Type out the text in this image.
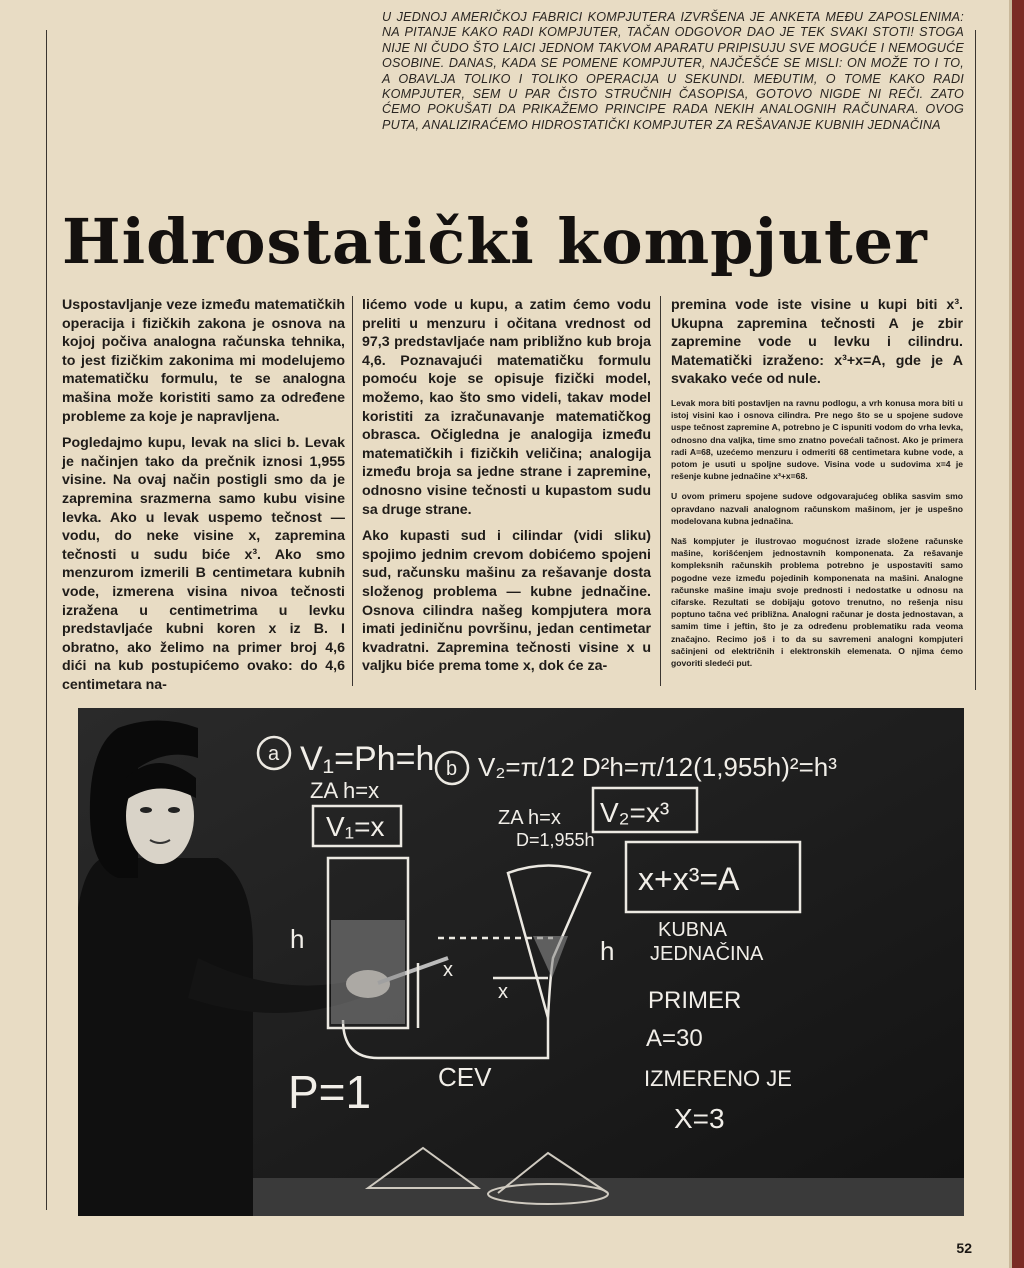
U JEDNOJ AMERIČKOJ FABRICI KOMPJUTERA IZVRŠENA JE ANKETA MEĐU ZAPOSLENIMA: NA PITANJE KAKO RADI KOMPJUTER, TAČAN ODGOVOR DAO JE TEK SVAKI STOTI! STOGA NIJE NI ČUDO ŠTO LAICI JEDNOM TAKVOM APARATU PRIPISUJU SVE MOGUĆE I NEMOGUĆE OSOBINE. DANAS, KADA SE POMENE KOMPJUTER, NAJČEŠĆE SE MISLI: ON MOŽE TO I TO, A OBAVLJA TOLIKO I TOLIKO OPERACIJA U SEKUNDI. MEĐUTIM, O TOME KAKO RADI KOMPJUTER, SEM U PAR ČISTO STRUČNIH ČASOPISA, GOTOVO NIGDE NI REČI. ZATO ĆEMO POKUŠATI DA PRIKAŽEMO PRINCIPE RADA NEKIH ANALOGNIH RAČUNARA. OVOG PUTA, ANALIZIRAĆEMO HIDROSTATIČKI KOMPJUTER ZA REŠAVANJE KUBNIH JEDNAČINA

Hidrostatički kompjuter

Uspostavljanje veze između matematičkih operacija i fizičkih zakona je osnova na kojoj počiva analogna računska tehnika, to jest fizičkim zakonima mi modelujemo matematičku formulu, te se analogna mašina može koristiti samo za određene probleme za koje je napravljena.

Pogledajmo kupu, levak na slici b. Levak je načinjen tako da prečnik iznosi 1,955 visine. Na ovaj način postigli smo da je zapremina srazmerna samo kubu visine levka. Ako u levak uspemo tečnost — vodu, do neke visine x, zapremina tečnosti u sudu biće x³. Ako smo menzurom izmerili B centimetara kubnih vode, izmerena visina nivoa tečnosti izražena u centimetrima u levku predstavljaće kubni koren x iz B. I obratno, ako želimo na primer broj 4,6 dići na kub postupićemo ovako: do 4,6 centimetara na-

lićemo vode u kupu, a zatim ćemo vodu preliti u menzuru i očitana vrednost od 97,3 predstavljaće nam približno kub broja 4,6. Poznavajući matematičku formulu pomoću koje se opisuje fizički model, možemo, kao što smo videli, takav model koristiti za izračunavanje matematičkog obrasca. Očigledna je analogija između matematičkih i fizičkih veličina; analogija između broja sa jedne strane i zapremine, odnosno visine tečnosti u kupastom sudu sa druge strane.

Ako kupasti sud i cilindar (vidi sliku) spojimo jednim crevom dobićemo spojeni sud, računsku mašinu za rešavanje dosta složenog problema — kubne jednačine. Osnova cilindra našeg kompjutera mora imati jediničnu površinu, jedan centimetar kvadratni. Zapremina tečnosti visine x u valjku biće prema tome x, dok će za-

premina vode iste visine u kupi biti x³. Ukupna zapremina tečnosti A je zbir zapremine vode u levku i cilindru. Matematički izraženo: x³+x=A, gde je A svakako veće od nule.

Levak mora biti postavljen na ravnu podlogu, a vrh konusa mora biti u istoj visini kao i osnova cilindra. Pre nego što se u spojene sudove uspe tečnost zapremine A, potrebno je C ispuniti vodom do vrha levka, odnosno dna valjka, time smo znatno povećali tačnost. Ako je primera radi A=68, uzećemo menzuru i odmeriti 68 centimetara kubne vode, a potom je usuti u spoljne sudove. Visina vode u sudovima x=4 je rešenje kubne jednačine x³+x=68.

U ovom primeru spojene sudove odgovarajućeg oblika sasvim smo opravdano nazvali analognom računskom mašinom, jer je uspešno modelovana kubna jednačina.

Naš kompjuter je ilustrovao mogućnost izrade složene računske mašine, korišćenjem jednostavnih komponenata. Za rešavanje kompleksnih računskih problema potrebno je uspostaviti samo pogodne veze između pojedinih komponenata na mašini. Analogne računske mašine imaju svoje prednosti i nedostatke u odnosu na cifarske. Rezultati se dobijaju gotovo trenutno, no rešenja nisu poptuno tačna već približna. Analogni računar je dosta jednostavan, a samim time i jeftin, što je za određenu problematiku rada veoma značajno. Recimo još i to da su savremeni analogni kompjuteri sačinjeni od električnih i elektronskih elemenata. O njima ćemo govoriti sledeći put.

a
b
V₁=Ph=h
ZA h=x
V₁=x
V₂=π/12 D²h=π/12(1,955h)²=h³
ZA h=x V₂=x³
D=1,955h
h	h
x
x
x+x³=A
KUBNA
JEDNAČINA
PRIMER
A=30
IZMERENO JE
X=3
P=1	CEV

52
